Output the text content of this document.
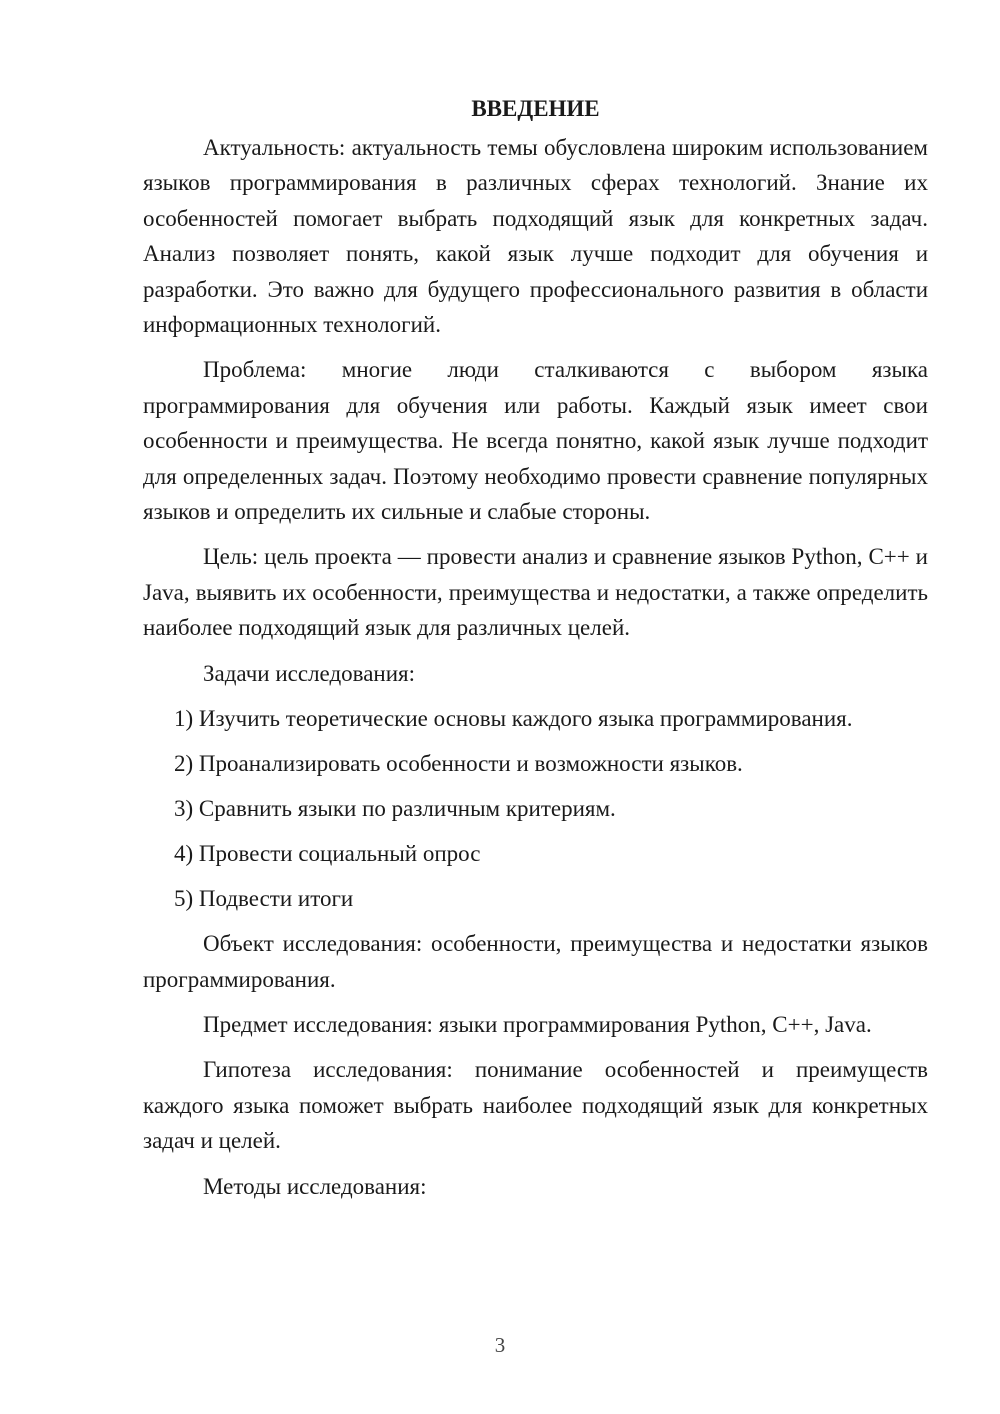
ВВЕДЕНИЕ

Актуальность: актуальность темы обусловлена широким использованием языков программирования в различных сферах технологий. Знание их особенностей помогает выбрать подходящий язык для конкретных задач. Анализ позволяет понять, какой язык лучше подходит для обучения и разработки. Это важно для будущего профессионального развития в области информационных технологий.

Проблема: многие люди сталкиваются с выбором языка программирования для обучения или работы. Каждый язык имеет свои особенности и преимущества. Не всегда понятно, какой язык лучше подходит для определенных задач. Поэтому необходимо провести сравнение популярных языков и определить их сильные и слабые стороны.

Цель: цель проекта — провести анализ и сравнение языков Python, C++ и Java, выявить их особенности, преимущества и недостатки, а также определить наиболее подходящий язык для различных целей.

Задачи исследования:

1) Изучить теоретические основы каждого языка программирования.
2) Проанализировать особенности и возможности языков.
3) Сравнить языки по различным критериям.
4) Провести социальный опрос
5) Подвести итоги

Объект исследования: особенности, преимущества и недостатки языков программирования.

Предмет исследования: языки программирования Python, C++, Java.

Гипотеза исследования: понимание особенностей и преимуществ каждого языка поможет выбрать наиболее подходящий язык для конкретных задач и целей.

Методы исследования:

3
